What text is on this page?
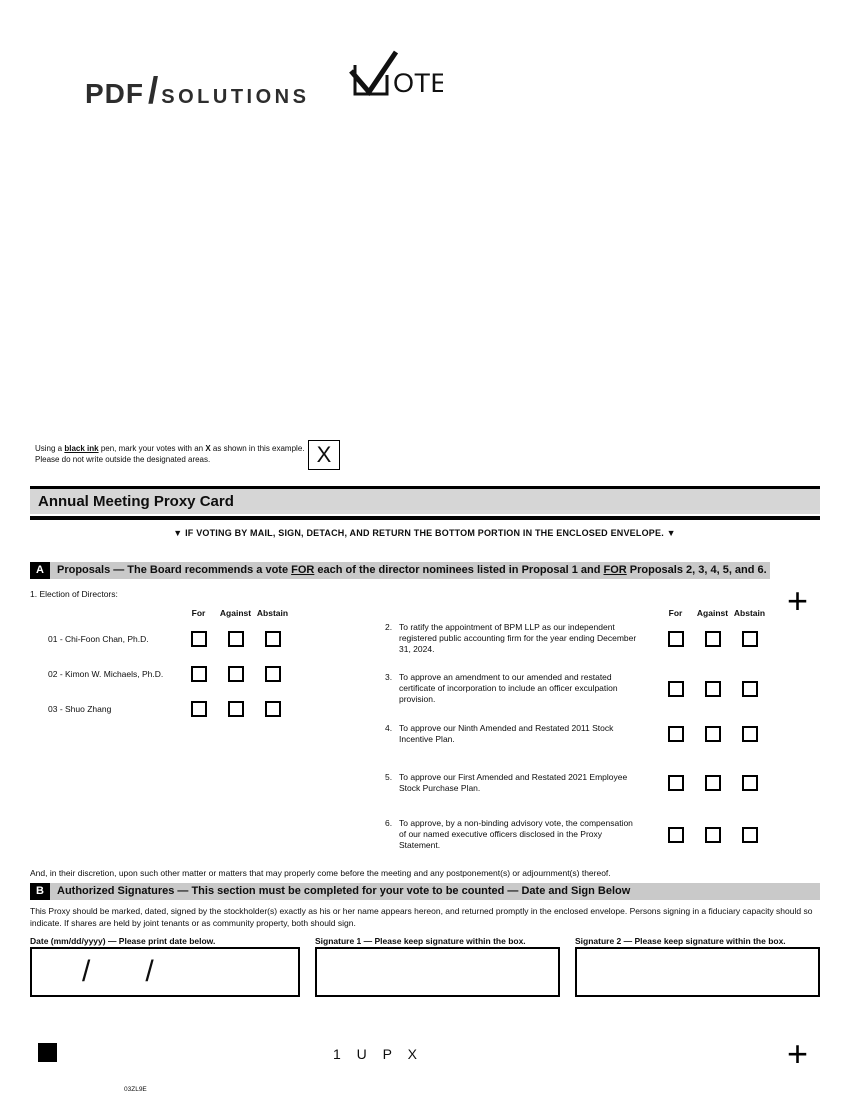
PDF / SOLUTIONS	OTE
Using a black ink pen, mark your votes with an X as shown in this example.
Please do not write outside the designated areas.	X
Annual Meeting Proxy Card
▼ IF VOTING BY MAIL, SIGN, DETACH, AND RETURN THE BOTTOM PORTION IN THE ENCLOSED ENVELOPE. ▼
A	Proposals — The Board recommends a vote FOR each of the director nominees listed in Proposal 1 and FOR Proposals 2, 3, 4, 5, and 6.
+
1. Election of Directors:
For	Against Abstain
01 - Chi-Foon Chan, Ph.D.
02 - Kimon W. Michaels, Ph.D.
03 - Shuo Zhang
For	Against Abstain
2. To ratify the appointment of BPM LLP as our independent registered public accounting firm for the year ending December 31, 2024.
3. To approve an amendment to our amended and restated certificate of incorporation to include an officer exculpation provision.
4. To approve our Ninth Amended and Restated 2011 Stock Incentive Plan.
5. To approve our First Amended and Restated 2021 Employee Stock Purchase Plan.
6. To approve, by a non-binding advisory vote, the compensation of our named executive officers disclosed in the Proxy Statement.
And, in their discretion, upon such other matter or matters that may properly come before the meeting and any postponement(s) or adjournment(s) thereof.
B	Authorized Signatures — This section must be completed for your vote to be counted — Date and Sign Below
This Proxy should be marked, dated, signed by the stockholder(s) exactly as his or her name appears hereon, and returned promptly in the enclosed envelope. Persons signing in a fiduciary capacity should so indicate. If shares are held by joint tenants or as community property, both should sign.
Date (mm/dd/yyyy) — Please print date below.	Signature 1 — Please keep signature within the box.	Signature 2 — Please keep signature within the box.
/ /
1 U P X	+
03ZL9E
